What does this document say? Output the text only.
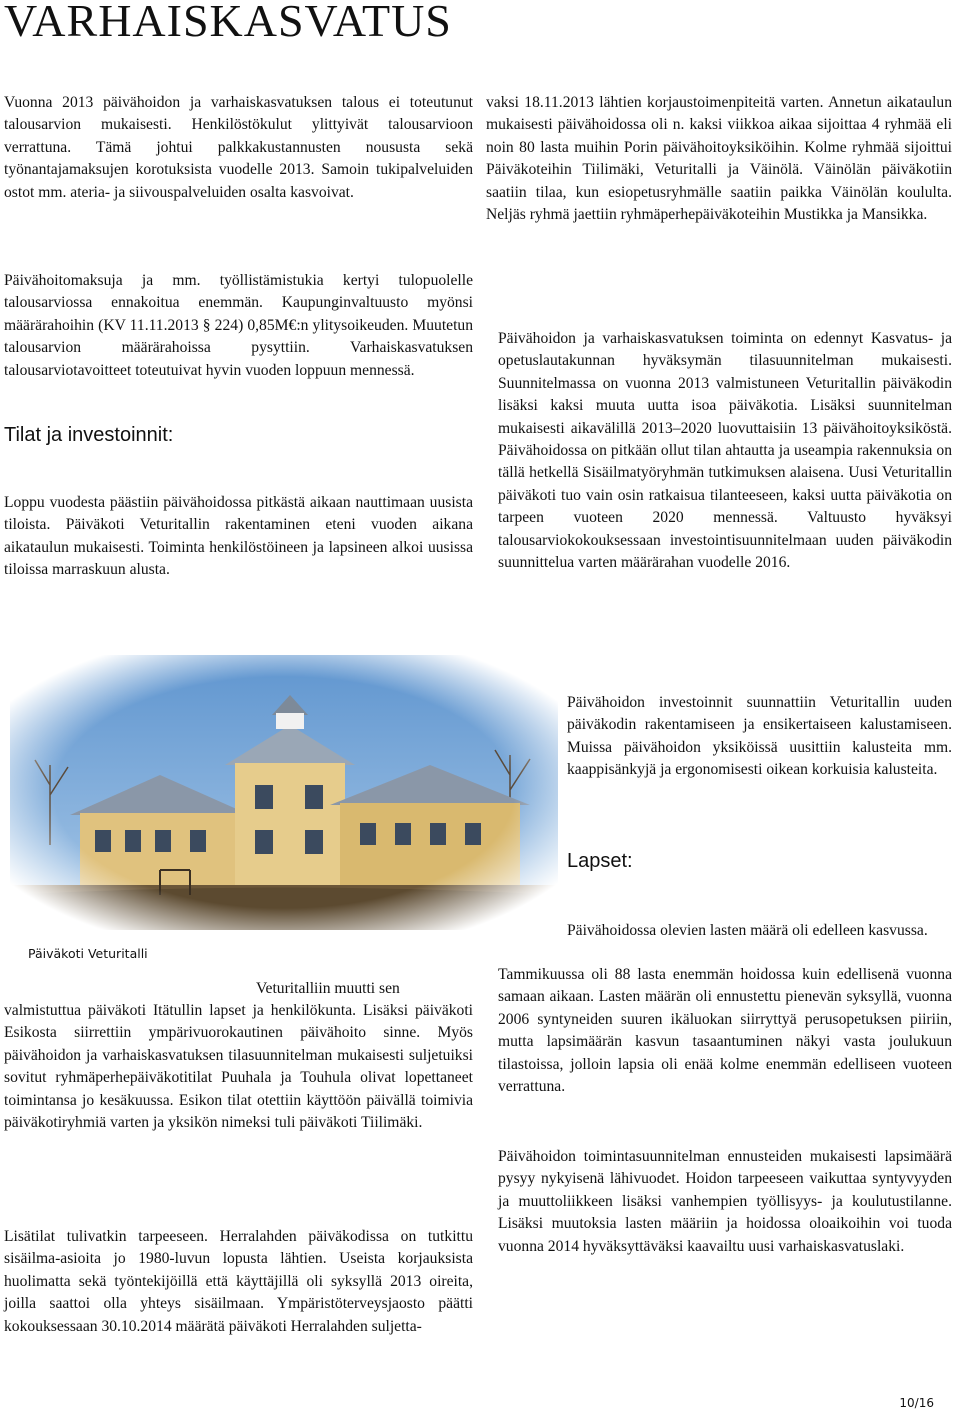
VARHAISKASVATUS

Vuonna 2013 päivähoidon ja varhaiskasvatuksen talous ei toteutunut talousarvion mukaisesti. Henkilöstökulut ylittyivät talousarvioon verrattuna. Tämä johtui palkkakustannusten noususta sekä työnantajamaksujen korotuksista vuodelle 2013. Samoin tukipalveluiden ostot mm. ateria- ja siivouspalveluiden osalta kasvoivat.

Päivähoitomaksuja ja mm. työllistämistukia kertyi tulopuolelle talousarviossa ennakoitua enemmän. Kaupunginvaltuusto myönsi määrärahoihin (KV 11.11.2013 § 224) 0,85M€:n ylitysoikeuden. Muutetun talousarvion määrärahoissa pysyttiin. Varhaiskasvatuksen talousarviotavoitteet toteutuivat hyvin vuoden loppuun mennessä.

Tilat ja investoinnit:

Loppu vuodesta päästiin päivähoidossa pitkästä aikaan nauttimaan uusista tiloista. Päiväkoti Veturitallin rakentaminen eteni vuoden aikana aikataulun mukaisesti. Toiminta henkilöstöineen ja lapsineen alkoi uusissa tiloissa marraskuun alusta.

Päiväkoti Veturitalli

Veturitalliin muutti sen

valmistuttua päiväkoti Itätullin lapset ja henkilökunta. Lisäksi päiväkoti Esikosta siirrettiin ympärivuorokautinen päivähoito sinne. Myös päivähoidon ja varhaiskasvatuksen tilasuunnitelman mukaisesti suljetuiksi sovitut ryhmäperhepäiväkotitilat Puuhala ja Touhula olivat lopettaneet toimintansa jo kesäkuussa. Esikon tilat otettiin käyttöön päivällä toimivia päiväkotiryhmiä varten ja yksikön nimeksi tuli päiväkoti Tiilimäki.

Lisätilat tulivatkin tarpeeseen. Herralahden päiväkodissa on tutkittu sisäilma-asioita jo 1980-luvun lopusta lähtien. Useista korjauksista huolimatta sekä työntekijöillä että käyttäjillä oli syksyllä 2013 oireita, joilla saattoi olla yhteys sisäilmaan. Ympäristöterveysjaosto päätti kokouksessaan 30.10.2014 määrätä päiväkoti Herralahden suljetta-

vaksi 18.11.2013 lähtien korjaustoimenpiteitä varten. Annetun aikataulun mukaisesti päivähoidossa oli n. kaksi viikkoa aikaa sijoittaa 4 ryhmää eli noin 80 lasta muihin Porin päivähoitoyksiköihin. Kolme ryhmää sijoittui Päiväkoteihin Tiilimäki, Veturitalli ja Väinölä. Väinölän päiväkotiin saatiin tilaa, kun esiopetusryhmälle saatiin paikka Väinölän koululta. Neljäs ryhmä jaettiin ryhmäperhepäiväkoteihin Mustikka ja Mansikka.

Päivähoidon ja varhaiskasvatuksen toiminta on edennyt Kasvatus- ja opetuslautakunnan hyväksymän tilasuunnitelman mukaisesti. Suunnitelmassa on vuonna 2013 valmistuneen Veturitallin päiväkodin lisäksi kaksi muuta uutta isoa päiväkotia. Lisäksi suunnitelman mukaisesti aikavälillä 2013–2020 luovuttaisiin 13 päivähoitoyksiköstä. Päivähoidossa on pitkään ollut tilan ahtautta ja useampia rakennuksia on tällä hetkellä Sisäilmatyöryhmän tutkimuksen alaisena. Uusi Veturitallin päiväkoti tuo vain osin ratkaisua tilanteeseen, kaksi uutta päiväkotia on tarpeen vuoteen 2020 mennessä. Valtuusto hyväksyi talousarviokokouksessaan investointisuunnitelmaan uuden päiväkodin suunnittelua varten määrärahan vuodelle 2016.

Päivähoidon investoinnit suunnattiin Veturitallin uuden päiväkodin rakentamiseen ja ensikertaiseen kalustamiseen. Muissa päivähoidon yksiköissä uusittiin kalusteita mm. kaappisänkyjä ja ergonomisesti oikean korkuisia kalusteita.

Lapset:

Päivähoidossa olevien lasten määrä oli edelleen kasvussa.

Tammikuussa oli 88 lasta enemmän hoidossa kuin edellisenä vuonna samaan aikaan. Lasten määrän oli ennustettu pienevän syksyllä, vuonna 2006 syntyneiden suuren ikäluokan siirryttyä perusopetuksen piiriin, mutta lapsimäärän kasvun tasaantuminen näkyi vasta joulukuun tilastoissa, jolloin lapsia oli enää kolme enemmän edelliseen vuoteen verrattuna.

Päivähoidon toimintasuunnitelman ennusteiden mukaisesti lapsimäärä pysyy nykyisenä lähivuodet. Hoidon tarpeeseen vaikuttaa syntyvyyden ja muuttoliikkeen lisäksi vanhempien työllisyys- ja koulutustilanne. Lisäksi muutoksia lasten määriin ja hoidossa oloaikoihin voi tuoda vuonna 2014 hyväksyttäväksi kaavailtu uusi varhaiskasvatuslaki.

10/16
